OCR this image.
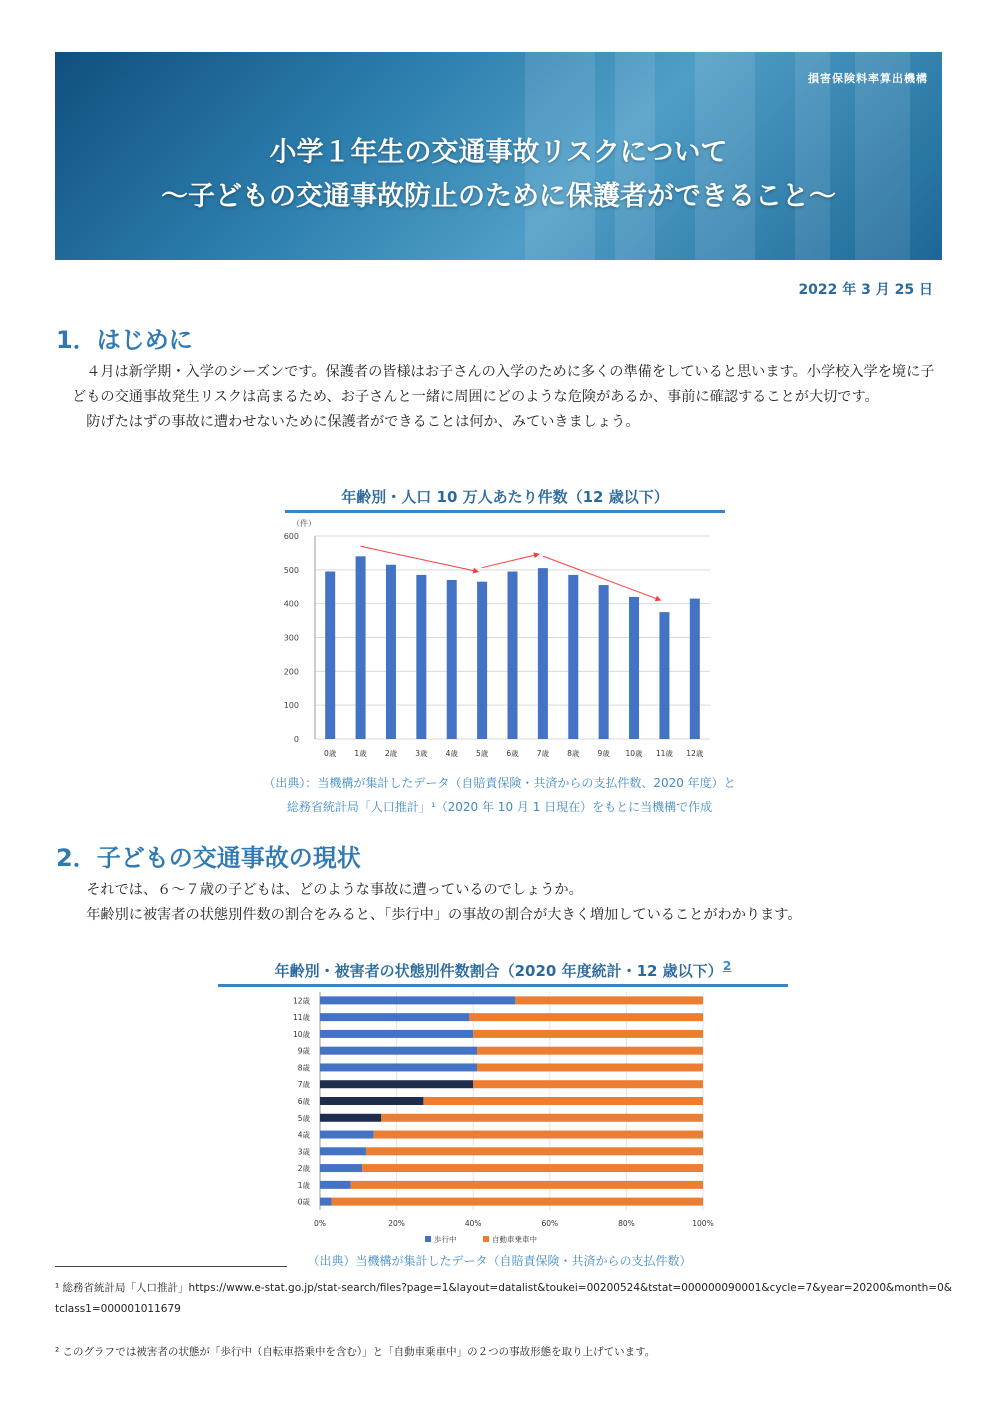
損害保険料率算出機構
小学１年生の交通事故リスクについて
～子どもの交通事故防止のために保護者ができること～
2022 年 3 月 25 日
1．はじめに

４月は新学期・入学のシーズンです。保護者の皆様はお子さんの入学のために多くの準備をしていると思います。小学校入学を境に子どもの交通事故発生リスクは高まるため、お子さんと一緒に周囲にどのような危険があるか、事前に確認することが大切です。

防げたはずの事故に遭わせないために保護者ができることは何か、みていきましょう。

年齢別・人口 10 万人あたり件数（12 歳以下）
（件）
0
100
200
300
400
500
600
0歳 1歳 2歳 3歳 4歳 5歳 6歳 7歳 8歳 9歳 10歳 11歳 12歳
（出典）：当機構が集計したデータ（自賠責保険・共済からの支払件数、2020 年度）と
総務省統計局「人口推計」¹（2020 年 10 月 1 日現在）をもとに当機構で作成
2．子どもの交通事故の現状

それでは、６～７歳の子どもは、どのような事故に遭っているのでしょうか。

年齢別に被害者の状態別件数の割合をみると、「歩行中」の事故の割合が大きく増加していることがわかります。

年齢別・被害者の状態別件数割合（2020 年度統計・12 歳以下）$^2$
0%	20%	40%	60%	80%	100%
12歳
11歳
10歳
9歳
8歳
7歳
6歳
5歳
4歳
3歳
2歳
1歳
0歳
歩行中	自動車乗車中
（出典）当機構が集計したデータ（自賠責保険・共済からの支払件数）
¹ 総務省統計局「人口推計」https://www.e-stat.go.jp/stat-search/files?page=1&layout=datalist&toukei=00200524&tstat=000000090001&cycle=7&year=20200&month=0&tclass1=000001011679
² このグラフでは被害者の状態が「歩行中（自転車搭乗中を含む）」と「自動車乗車中」の２つの事故形態を取り上げています。
